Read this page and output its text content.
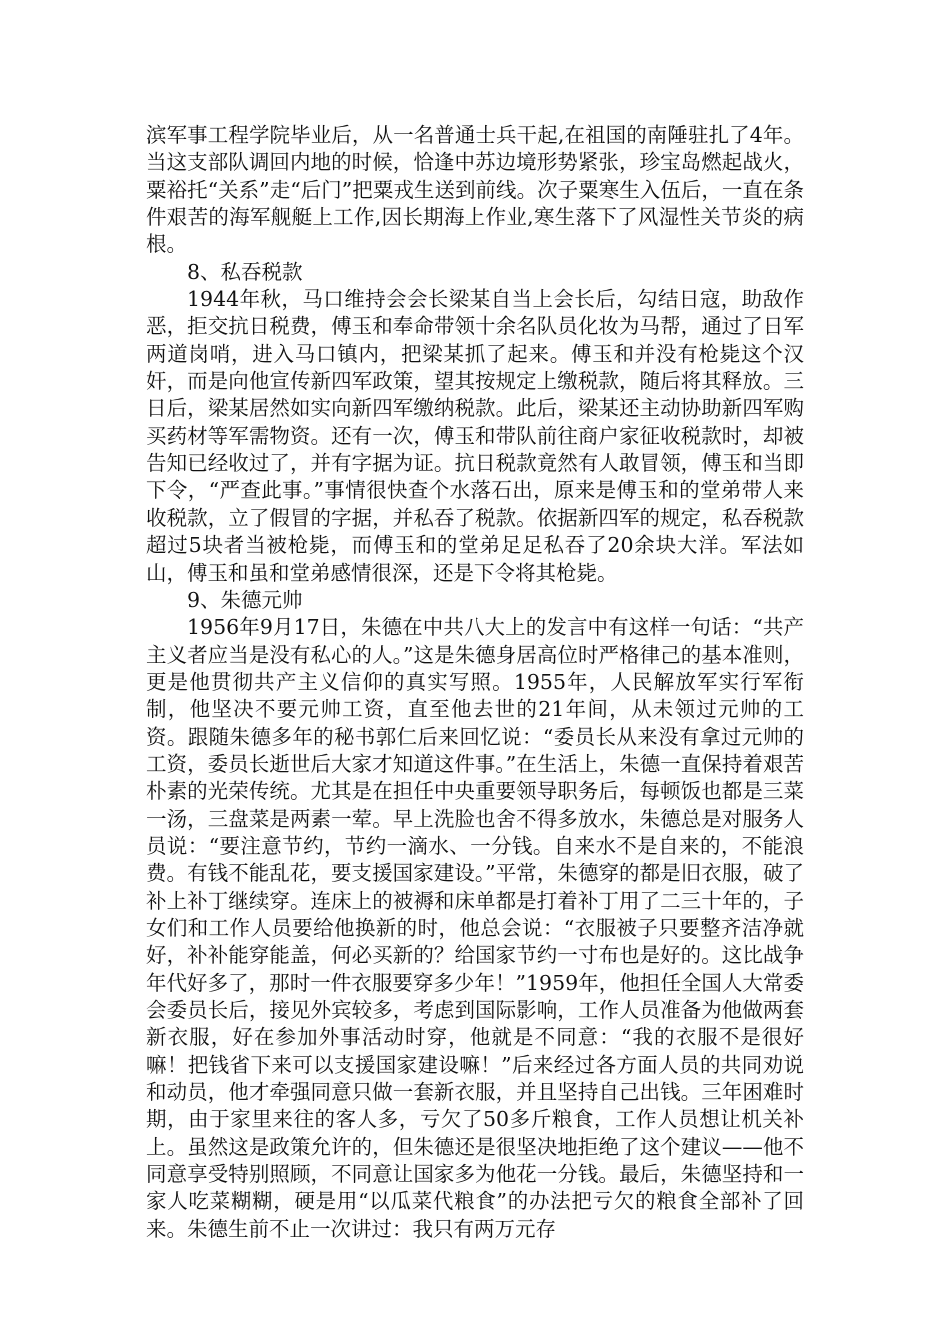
滨军事工程学院毕业后，从一名普通士兵干起,在祖国的南陲驻扎了4年。当这支部队调回内地的时候，恰逢中苏边境形势紧张，珍宝岛燃起战火，粟裕托“关系”走“后门”把粟戎生送到前线。次子粟寒生入伍后，一直在条件艰苦的海军舰艇上工作,因长期海上作业,寒生落下了风湿性关节炎的病根。

8、私吞税款

1944年秋，马口维持会会长梁某自当上会长后，勾结日寇，助敌作恶，拒交抗日税费，傅玉和奉命带领十余名队员化妆为马帮，通过了日军两道岗哨，进入马口镇内，把梁某抓了起来。傅玉和并没有枪毙这个汉奸，而是向他宣传新四军政策，望其按规定上缴税款，随后将其释放。三日后，梁某居然如实向新四军缴纳税款。此后，梁某还主动协助新四军购买药材等军需物资。还有一次，傅玉和带队前往商户家征收税款时，却被告知已经收过了，并有字据为证。抗日税款竟然有人敢冒领，傅玉和当即下令，“严查此事。”事情很快查个水落石出，原来是傅玉和的堂弟带人来收税款，立了假冒的字据，并私吞了税款。依据新四军的规定，私吞税款超过5块者当被枪毙，而傅玉和的堂弟足足私吞了20余块大洋。军法如山，傅玉和虽和堂弟感情很深，还是下令将其枪毙。

9、朱德元帅

1956年9月17日，朱德在中共八大上的发言中有这样一句话：“共产主义者应当是没有私心的人。”这是朱德身居高位时严格律己的基本准则，更是他贯彻共产主义信仰的真实写照。1955年，人民解放军实行军衔制，他坚决不要元帅工资，直至他去世的21年间，从未领过元帅的工资。跟随朱德多年的秘书郭仁后来回忆说：“委员长从来没有拿过元帅的工资，委员长逝世后大家才知道这件事。”在生活上，朱德一直保持着艰苦朴素的光荣传统。尤其是在担任中央重要领导职务后，每顿饭也都是三菜一汤，三盘菜是两素一荤。早上洗脸也舍不得多放水，朱德总是对服务人员说：“要注意节约，节约一滴水、一分钱。自来水不是自来的，不能浪费。有钱不能乱花，要支援国家建设。”平常，朱德穿的都是旧衣服，破了补上补丁继续穿。连床上的被褥和床单都是打着补丁用了二三十年的，子女们和工作人员要给他换新的时，他总会说：“衣服被子只要整齐洁净就好，补补能穿能盖，何必买新的？给国家节约一寸布也是好的。这比战争年代好多了，那时一件衣服要穿多少年！”1959年，他担任全国人大常委会委员长后，接见外宾较多，考虑到国际影响，工作人员准备为他做两套新衣服，好在参加外事活动时穿，他就是不同意：“我的衣服不是很好嘛！把钱省下来可以支援国家建设嘛！”后来经过各方面人员的共同劝说和动员，他才牵强同意只做一套新衣服，并且坚持自己出钱。三年困难时期，由于家里来往的客人多，亏欠了50多斤粮食，工作人员想让机关补上。虽然这是政策允许的，但朱德还是很坚决地拒绝了这个建议——他不同意享受特别照顾，不同意让国家多为他花一分钱。最后，朱德坚持和一家人吃菜糊糊，硬是用“以瓜菜代粮食”的办法把亏欠的粮食全部补了回来。朱德生前不止一次讲过：我只有两万元存
